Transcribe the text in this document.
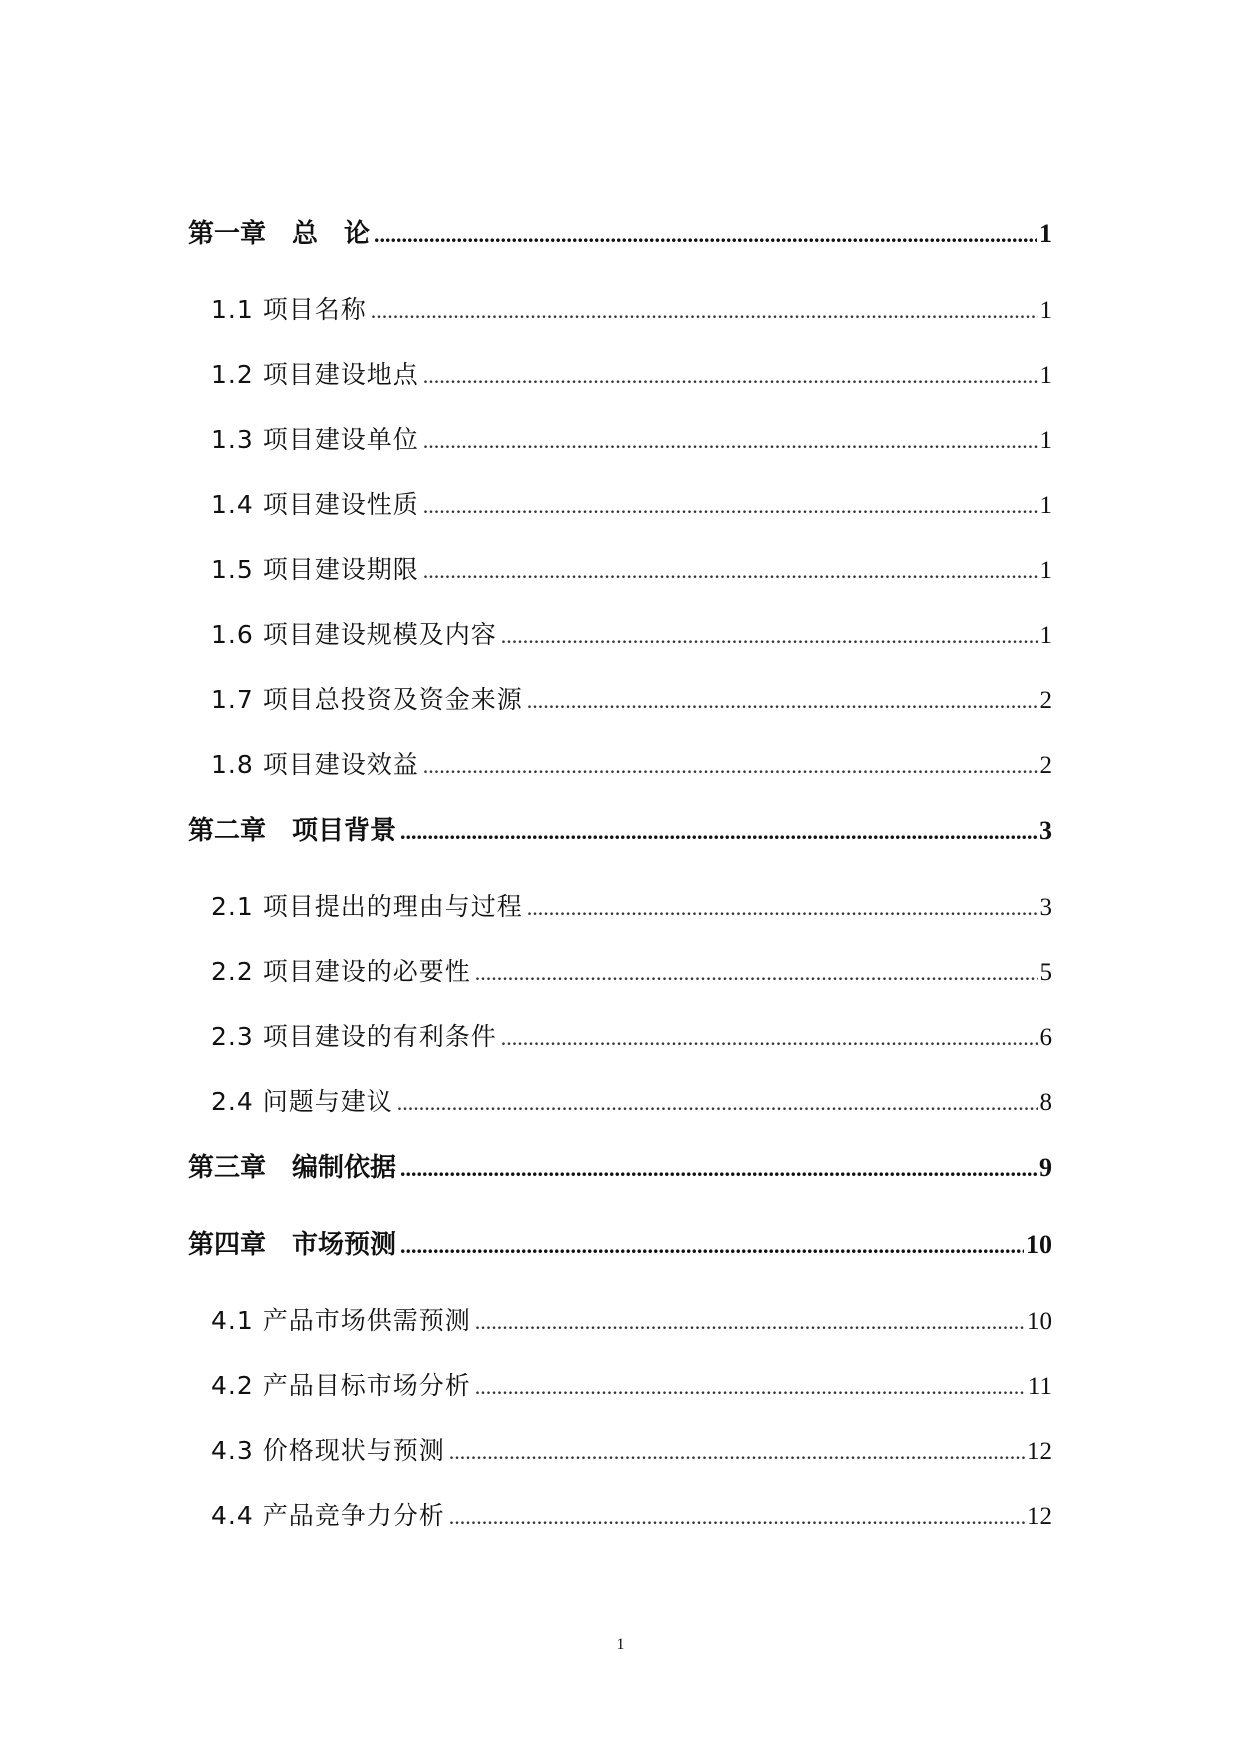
第一章　总　论 .....	1
1.1 项目名称 .....	1
1.2 项目建设地点 .....	1
1.3 项目建设单位 .....	1
1.4 项目建设性质 .....	1
1.5 项目建设期限 .....	1
1.6 项目建设规模及内容 .....	1
1.7 项目总投资及资金来源 .....	2
1.8 项目建设效益 .....	2
第二章　项目背景 .....	3
2.1 项目提出的理由与过程 .....	3
2.2 项目建设的必要性 .....	5
2.3 项目建设的有利条件 .....	6
2.4 问题与建议 .....	8
第三章　编制依据 .....	9
第四章　市场预测 .....	10
4.1 产品市场供需预测 .....	10
4.2 产品目标市场分析 .....	11
4.3 价格现状与预测 .....	12
4.4 产品竞争力分析 .....	12
1
